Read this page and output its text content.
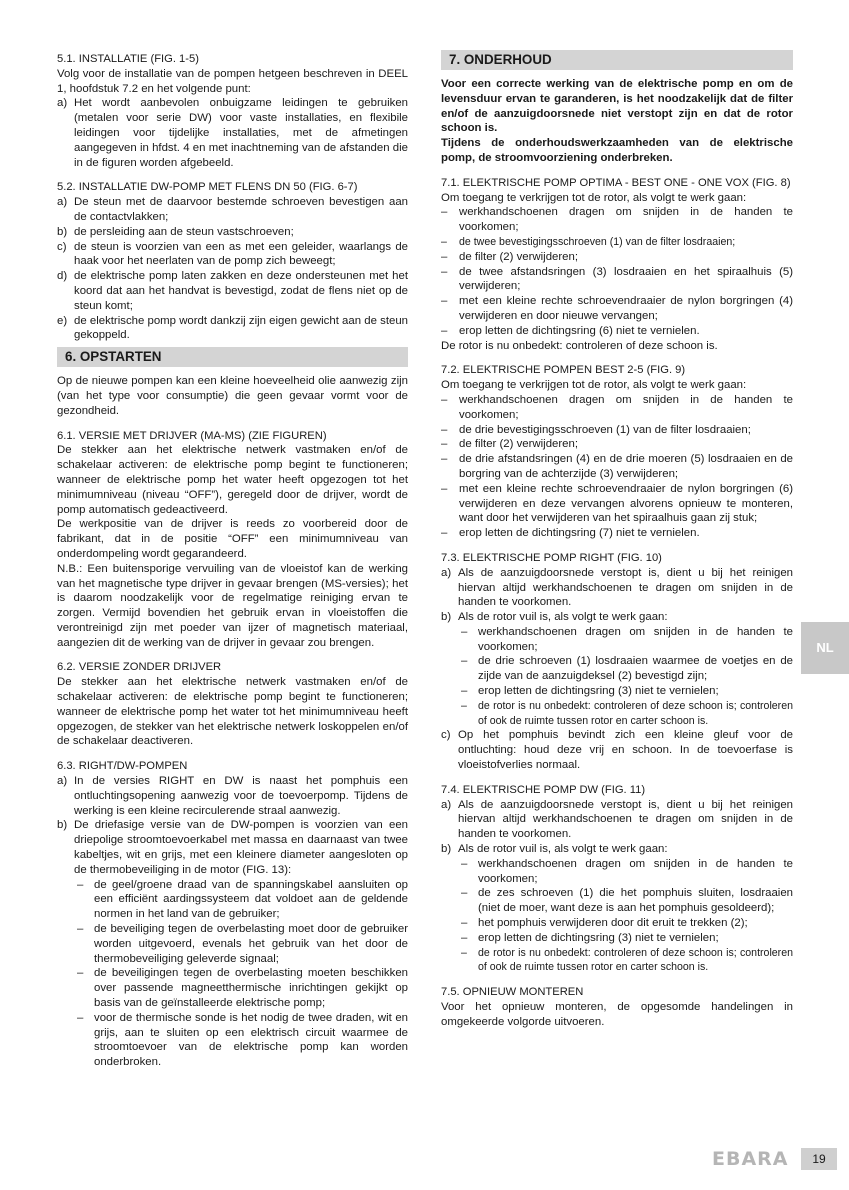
5.1. INSTALLATIE (FIG. 1-5)

Volg voor de installatie van de pompen hetgeen beschreven in DEEL 1, hoofdstuk 7.2 en het volgende punt:

a) Het wordt aanbevolen onbuigzame leidingen te gebruiken (metalen voor serie DW) voor vaste installaties, en flexibile leidingen voor tijdelijke installaties, met de afmetingen aangegeven in hfdst. 4 en met inachtneming van de afstanden die in de figuren worden afgebeeld.
5.2. INSTALLATIE DW-POMP MET FLENS DN 50 (FIG. 6-7)
a) De steun met de daarvoor bestemde schroeven bevestigen aan de contactvlakken;
b) de persleiding aan de steun vastschroeven;
c) de steun is voorzien van een as met een geleider, waarlangs de haak voor het neerlaten van de pomp zich beweegt;
d) de elektrische pomp laten zakken en deze ondersteunen met het koord dat aan het handvat is bevestigd, zodat de flens niet op de steun komt;
e) de elektrische pomp wordt dankzij zijn eigen gewicht aan de steun gekoppeld.
6. OPSTARTEN

Op de nieuwe pompen kan een kleine hoeveelheid olie aanwezig zijn (van het type voor consumptie) die geen gevaar vormt voor de gezondheid.

6.1. VERSIE MET DRIJVER (MA-MS) (ZIE FIGUREN)

De stekker aan het elektrische netwerk vastmaken en/of de schakelaar activeren: de elektrische pomp begint te functioneren; wanneer de elektrische pomp het water heeft opgezogen tot het minimumniveau (niveau “OFF”), geregeld door de drijver, wordt de pomp automatisch gedeactiveerd.

De werkpositie van de drijver is reeds zo voorbereid door de fabrikant, dat in de positie “OFF” een minimumniveau van onderdompeling wordt gegarandeerd.

N.B.: Een buitensporige vervuiling van de vloeistof kan de werking van het magnetische type drijver in gevaar brengen (MS-versies); het is daarom noodzakelijk voor de regelmatige reiniging ervan te zorgen. Vermijd bovendien het gebruik ervan in vloeistoffen die verontreinigd zijn met poeder van ijzer of magnetisch materiaal, aangezien dit de werking van de drijver in gevaar zou brengen.

6.2. VERSIE ZONDER DRIJVER

De stekker aan het elektrische netwerk vastmaken en/of de schakelaar activeren: de elektrische pomp begint te functioneren; wanneer de elektrische pomp het water tot het minimumniveau heeft opgezogen, de stekker van het elektrische netwerk loskoppelen en/of de schakelaar deactiveren.

6.3. RIGHT/DW-POMPEN
a) In de versies RIGHT en DW is naast het pomphuis een ontluchtingsopening aanwezig voor de toevoerpomp. Tijdens de werking is een kleine recirculerende straal aanwezig.
b) De driefasige versie van de DW-pompen is voorzien van een driepolige stroomtoevoerkabel met massa en daarnaast van twee kabeltjes, wit en grijs, met een kleinere diameter aangesloten op de thermobeveiliging in de motor (FIG. 13):
– de geel/groene draad van de spanningskabel aansluiten op een efficiënt aardingssysteem dat voldoet aan de geldende normen in het land van de gebruiker;
– de beveiliging tegen de overbelasting moet door de gebruiker worden uitgevoerd, evenals het gebruik van het door de thermobeveiliging geleverde signaal;
– de beveiligingen tegen de overbelasting moeten beschikken over passende magneetthermische inrichtingen gekijkt op basis van de geïnstalleerde elektrische pomp;
– voor de thermische sonde is het nodig de twee draden, wit en grijs, aan te sluiten op een elektrisch circuit waarmee de stroomtoevoer van de elektrische pomp kan worden onderbroken.
7. ONDERHOUD

Voor een correcte werking van de elektrische pomp en om de levensduur ervan te garanderen, is het noodzakelijk dat de filter en/of de aanzuigdoorsnede niet verstopt zijn en dat de rotor schoon is.

Tijdens de onderhoudswerkzaamheden van de elektrische pomp, de stroomvoorziening onderbreken.

7.1. ELEKTRISCHE POMP OPTIMA - BEST ONE - ONE VOX (FIG. 8)

Om toegang te verkrijgen tot de rotor, als volgt te werk gaan:

– werkhandschoenen dragen om snijden in de handen te voorkomen;
– de twee bevestigingsschroeven (1) van de filter losdraaien;
– de filter (2) verwijderen;
– de twee afstandsringen (3) losdraaien en het spiraalhuis (5) verwijderen;
– met een kleine rechte schroevendraaier de nylon borgringen (4) verwijderen en door nieuwe vervangen;
– erop letten de dichtingsring (6) niet te vernielen.

De rotor is nu onbedekt: controleren of deze schoon is.

7.2. ELEKTRISCHE POMPEN BEST 2-5 (FIG. 9)

Om toegang te verkrijgen tot de rotor, als volgt te werk gaan:

– werkhandschoenen dragen om snijden in de handen te voorkomen;
– de drie bevestigingsschroeven (1) van de filter losdraaien;
– de filter (2) verwijderen;
– de drie afstandsringen (4) en de drie moeren (5) losdraaien en de borgring van de achterzijde (3) verwijderen;
– met een kleine rechte schroevendraaier de nylon borgringen (6) verwijderen en deze vervangen alvorens opnieuw te monteren, want door het verwijderen van het spiraalhuis gaan zij stuk;
– erop letten de dichtingsring (7) niet te vernielen.
7.3. ELEKTRISCHE POMP RIGHT (FIG. 10)
a) Als de aanzuigdoorsnede verstopt is, dient u bij het reinigen hiervan altijd werkhandschoenen te dragen om snijden in de handen te voorkomen.
b) Als de rotor vuil is, als volgt te werk gaan:
– werkhandschoenen dragen om snijden in de handen te voorkomen;
– de drie schroeven (1) losdraaien waarmee de voetjes en de zijde van de aanzuigdeksel (2) bevestigd zijn;
– erop letten de dichtingsring (3) niet te vernielen;
– de rotor is nu onbedekt: controleren of deze schoon is; controleren of ook de ruimte tussen rotor en carter schoon is.
c) Op het pomphuis bevindt zich een kleine gleuf voor de ontluchting: houd deze vrij en schoon. In de toevoerfase is vloeistofverlies normaal.
7.4. ELEKTRISCHE POMP DW (FIG. 11)
a) Als de aanzuigdoorsnede verstopt is, dient u bij het reinigen hiervan altijd werkhandschoenen te dragen om snijden in de handen te voorkomen.
b) Als de rotor vuil is, als volgt te werk gaan:
– werkhandschoenen dragen om snijden in de handen te voorkomen;
– de zes schroeven (1) die het pomphuis sluiten, losdraaien (niet de moer, want deze is aan het pomphuis gesoldeerd);
– het pomphuis verwijderen door dit eruit te trekken (2);
– erop letten de dichtingsring (3) niet te vernielen;
– de rotor is nu onbedekt: controleren of deze schoon is; controleren of ook de ruimte tussen rotor en carter schoon is.
7.5. OPNIEUW MONTEREN

Voor het opnieuw monteren, de opgesomde handelingen in omgekeerde volgorde uitvoeren.

NL
EBARA	19
